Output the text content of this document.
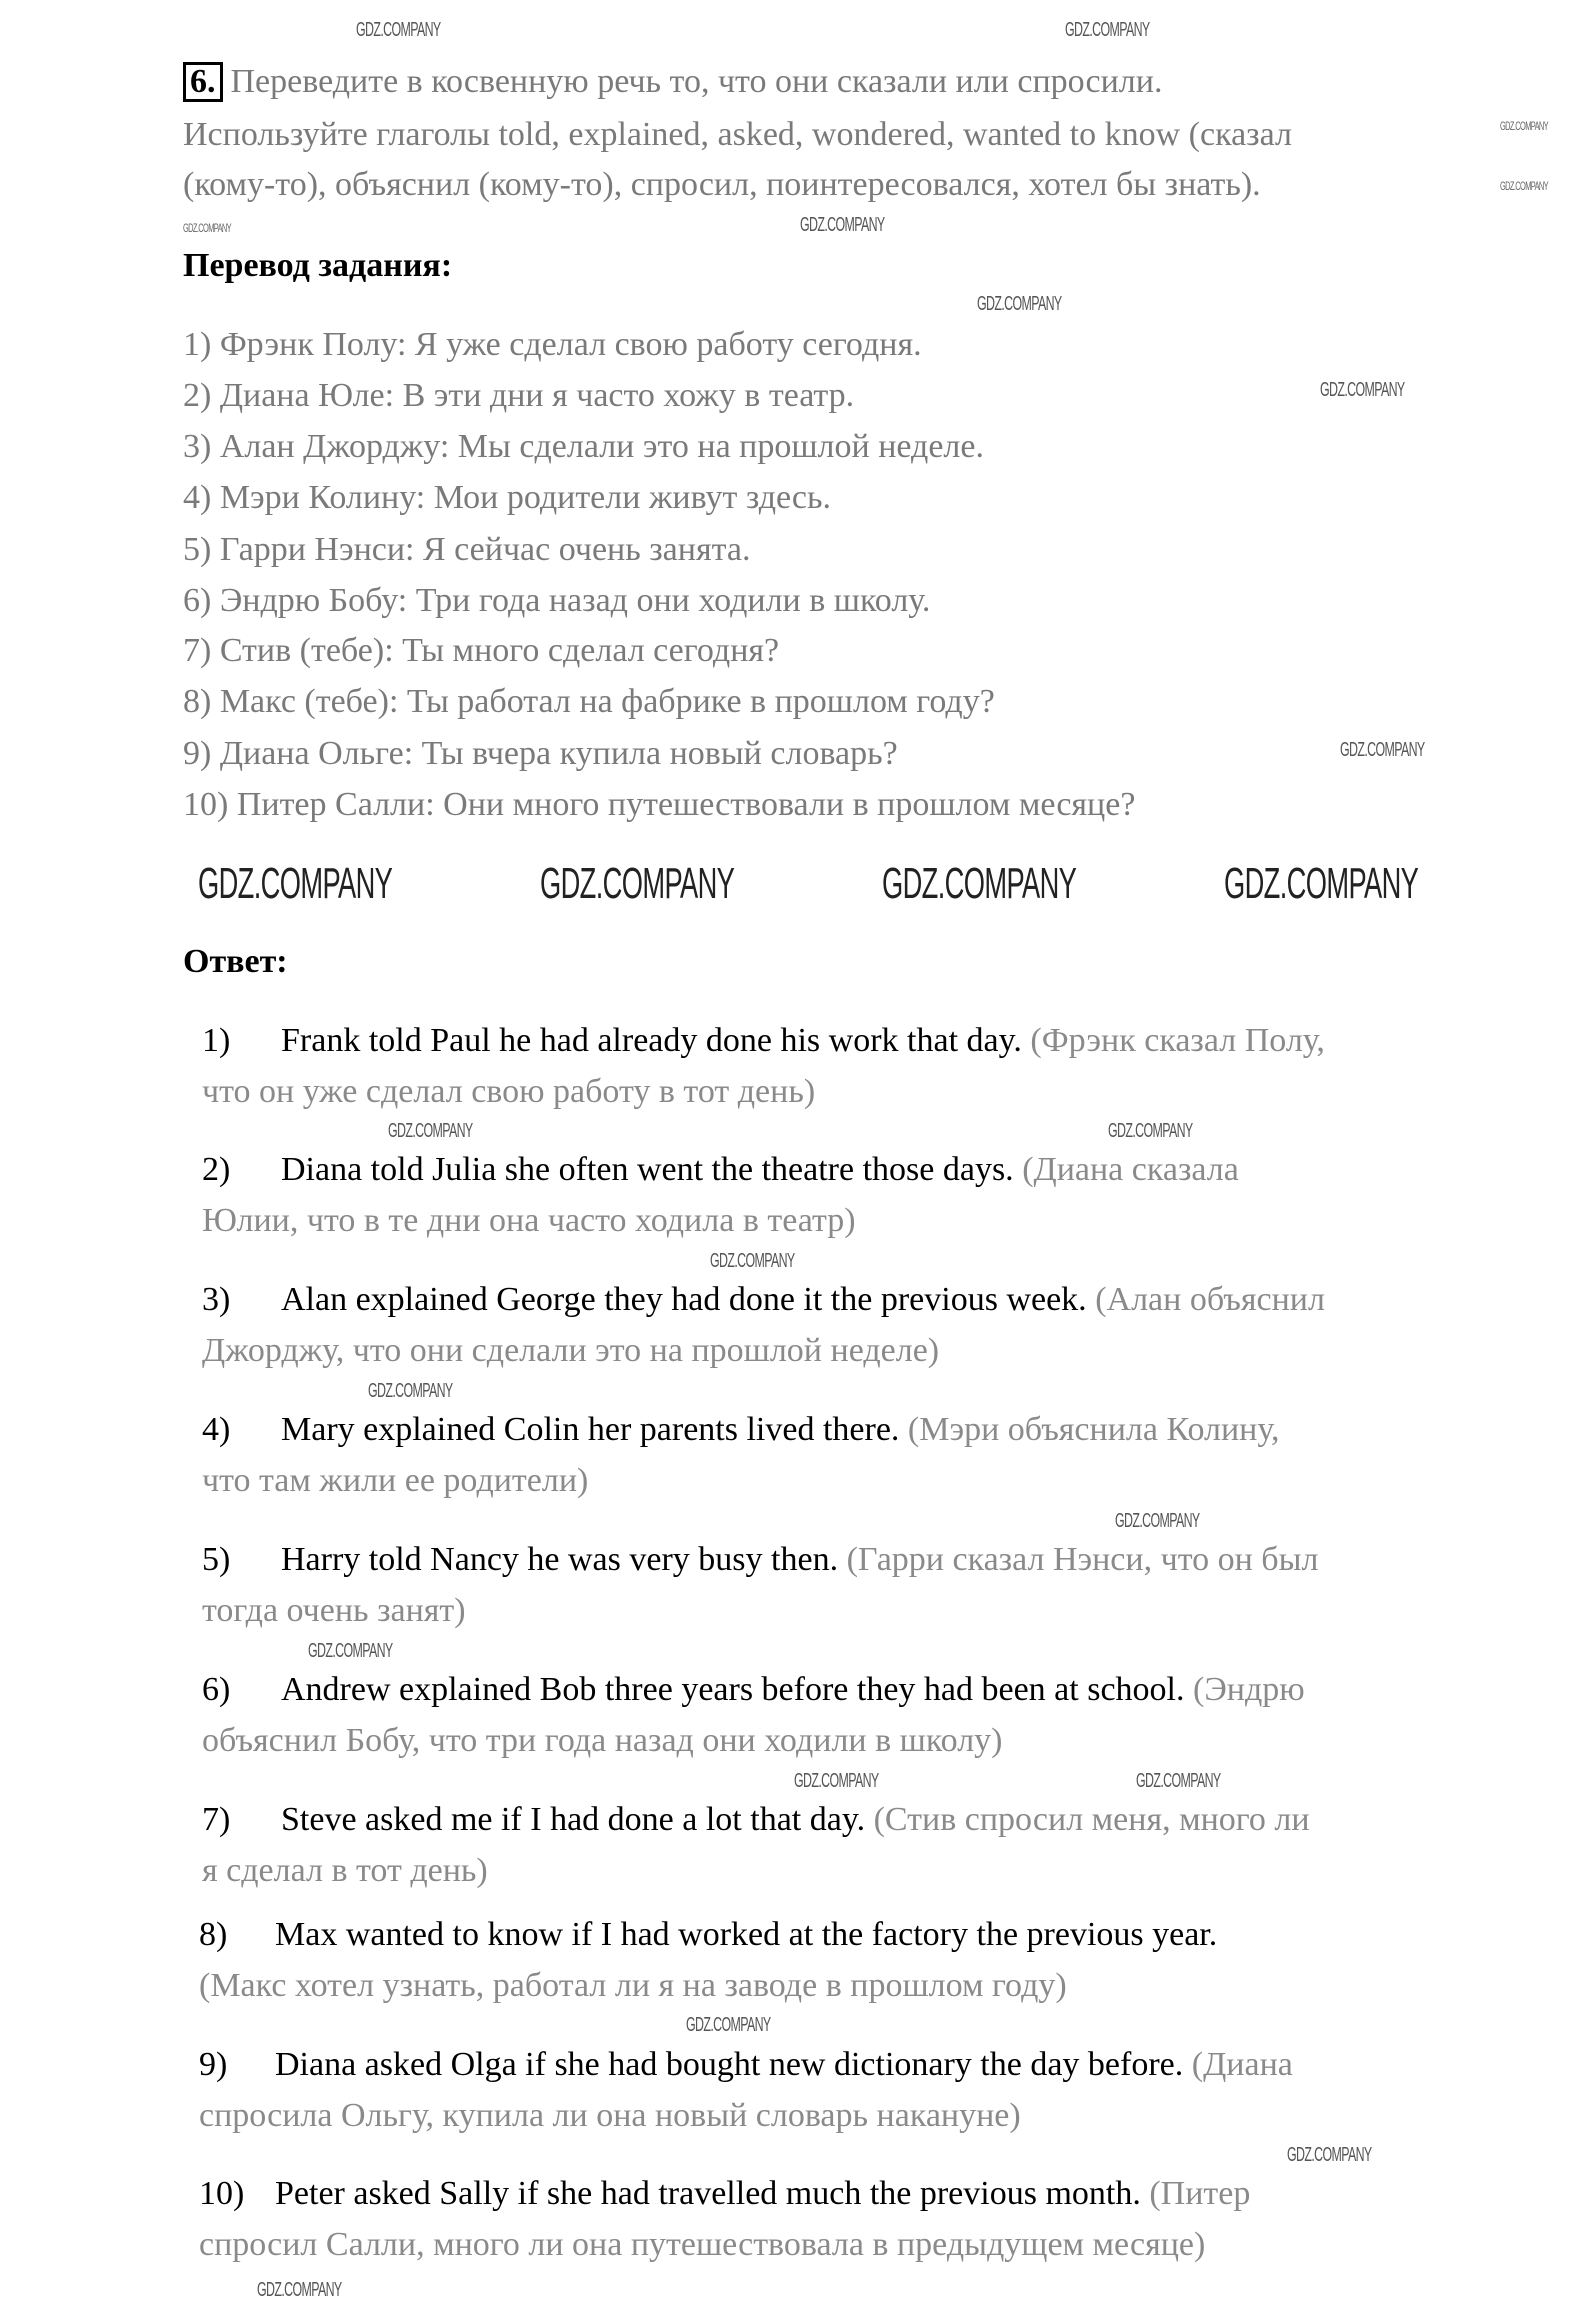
6. Переведите в косвенную речь то, что они сказали или спросили.
Используйте глаголы told, explained, asked, wondered, wanted to know (сказал
(кому-то), объяснил (кому-то), спросил, поинтересовался, хотел бы знать).
Перевод задания:
1) Фрэнк Полу: Я уже сделал свою работу сегодня.
2) Диана Юле: В эти дни я часто хожу в театр.
3) Алан Джорджу: Мы сделали это на прошлой неделе.
4) Мэри Колину: Мои родители живут здесь.
5) Гарри Нэнси: Я сейчас очень занята.
6) Эндрю Бобу: Три года назад они ходили в школу.
7) Стив (тебе): Ты много сделал сегодня?
8) Макс (тебе): Ты работал на фабрике в прошлом году?
9) Диана Ольге: Ты вчера купила новый словарь?
10) Питер Салли: Они много путешествовали в прошлом месяце?
Ответ:
1) Frank told Paul he had already done his work that day. (Фрэнк сказал Полу,
что он уже сделал свою работу в тот день)
2) Diana told Julia she often went the theatre those days. (Диана сказала
Юлии, что в те дни она часто ходила в театр)
3) Alan explained George they had done it the previous week. (Алан объяснил
Джорджу, что они сделали это на прошлой неделе)
4) Mary explained Colin her parents lived there. (Мэри объяснила Колину,
что там жили ее родители)
5) Harry told Nancy he was very busy then. (Гарри сказал Нэнси, что он был
тогда очень занят)
6) Andrew explained Bob three years before they had been at school. (Эндрю
объяснил Бобу, что три года назад они ходили в школу)
7) Steve asked me if I had done a lot that day. (Стив спросил меня, много ли
я сделал в тот день)
8) Max wanted to know if I had worked at the factory the previous year.
(Макс хотел узнать, работал ли я на заводе в прошлом году)
9) Diana asked Olga if she had bought new dictionary the day before. (Диана
спросила Ольгу, купила ли она новый словарь накануне)
10) Peter asked Sally if she had travelled much the previous month. (Питер
спросил Салли, много ли она путешествовала в предыдущем месяце)
GDZ.COMPANY	GDZ.COMPANY
GDZ.COMPANY
GDZ.COMPANY
GDZ.COMPANY
GDZ.COMPANY
GDZ.COMPANY
GDZ.COMPANY
GDZ.COMPANY
GDZ.COMPANY	GDZ.COMPANY	GDZ.COMPANY	GDZ.COMPANY
GDZ.COMPANY	GDZ.COMPANY
GDZ.COMPANY
GDZ.COMPANY
GDZ.COMPANY
GDZ.COMPANY
GDZ.COMPANY	GDZ.COMPANY
GDZ.COMPANY
GDZ.COMPANY
GDZ.COMPANY
